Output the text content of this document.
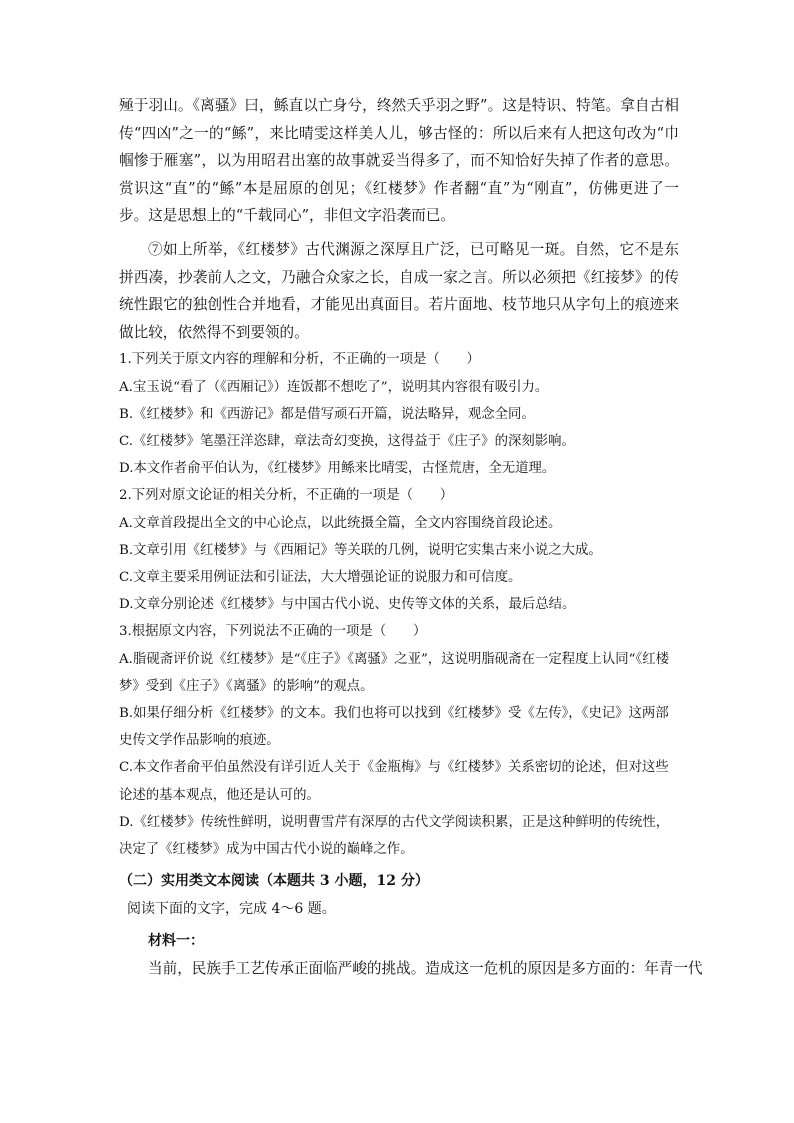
殛于羽山。《离骚》曰，鲧直以亡身兮，终然夭乎羽之野”。这是特识、特笔。拿自古相传“四凶”之一的“鲧”，来比晴雯这样美人儿，够古怪的：所以后来有人把这句改为“巾帼惨于雁塞”，以为用昭君出塞的故事就妥当得多了，而不知恰好失掉了作者的意思。赏识这“直”的“鲧”本是屈原的创见；《红楼梦》作者翻“直”为“刚直”，仿佛更进了一步。这是思想上的“千载同心”，非但文字沿袭而已。

⑦如上所举，《红楼梦》古代渊源之深厚且广泛，已可略见一斑。自然，它不是东拼西凑，抄袭前人之文，乃融合众家之长，自成一家之言。所以必须把《红接梦》的传统性跟它的独创性合并地看，才能见出真面目。若片面地、枝节地只从字句上的痕迹来做比较，依然得不到要领的。

1.下列关于原文内容的理解和分析，不正确的一项是（　　）

A.宝玉说“看了（《西厢记》）连饭都不想吃了”，说明其内容很有吸引力。

B.《红楼梦》和《西游记》都是借写顽石开篇，说法略异，观念全同。

C.《红楼梦》笔墨汪洋恣肆，章法奇幻变换，这得益于《庄子》的深刻影响。

D.本文作者俞平伯认为，《红楼梦》用鲧来比晴雯，古怪荒唐，全无道理。

2.下列对原文论证的相关分析，不正确的一项是（　　）

A.文章首段提出全文的中心论点，以此统摄全篇，全文内容围绕首段论述。

B.文章引用《红楼梦》与《西厢记》等关联的几例，说明它实集古来小说之大成。

C.文章主要采用例证法和引证法，大大增强论证的说服力和可信度。

D.文章分别论述《红楼梦》与中国古代小说、史传等文体的关系，最后总结。

3.根据原文内容，下列说法不正确的一项是（　　）

A.脂砚斋评价说《红楼梦》是“《庄子》《离骚》之亚”，这说明脂砚斋在一定程度上认同“《红楼梦》受到《庄子》《离骚》的影响”的观点。

B.如果仔细分析《红楼梦》的文本。我们也将可以找到《红楼梦》受《左传》，《史记》这两部史传文学作品影响的痕迹。

C.本文作者俞平伯虽然没有详引近人关于《金瓶梅》与《红楼梦》关系密切的论述，但对这些论述的基本观点，他还是认可的。

D.《红楼梦》传统性鲜明，说明曹雪芹有深厚的古代文学阅读积累，正是这种鲜明的传统性，决定了《红楼梦》成为中国古代小说的巅峰之作。

（二）实用类文本阅读（本题共 3 小题，12 分）
阅读下面的文字，完成 4～6 题。
材料一：
当前，民族手工艺传承正面临严峻的挑战。造成这一危机的原因是多方面的：年青一代
